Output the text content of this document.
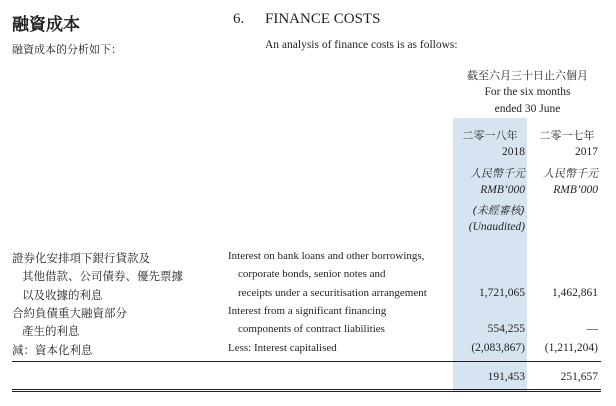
融資成本
融資成本的分析如下：
6. FINANCE COSTS
An analysis of finance costs is as follows:
截至六月三十日止六個月
For the six months
ended 30 June
二零一八年
2018
人民幣千元
RMB’000
(未經審核)
(Unaudited)
二零一七年
2017
人民幣千元
RMB’000
證券化安排項下銀行貸款及
其他借款、公司債券、優先票據
以及收據的利息
Interest on bank loans and other borrowings,
corporate bonds, senior notes and
receipts under a securitisation arrangement	1,721,065	1,462,861
合約負債重大融資部分
產生的利息
Interest from a significant financing
components of contract liabilities	554,255	—
減：資本化利息	Less: Interest capitalised	(2,083,867)	(1,211,204)
191,453	251,657
